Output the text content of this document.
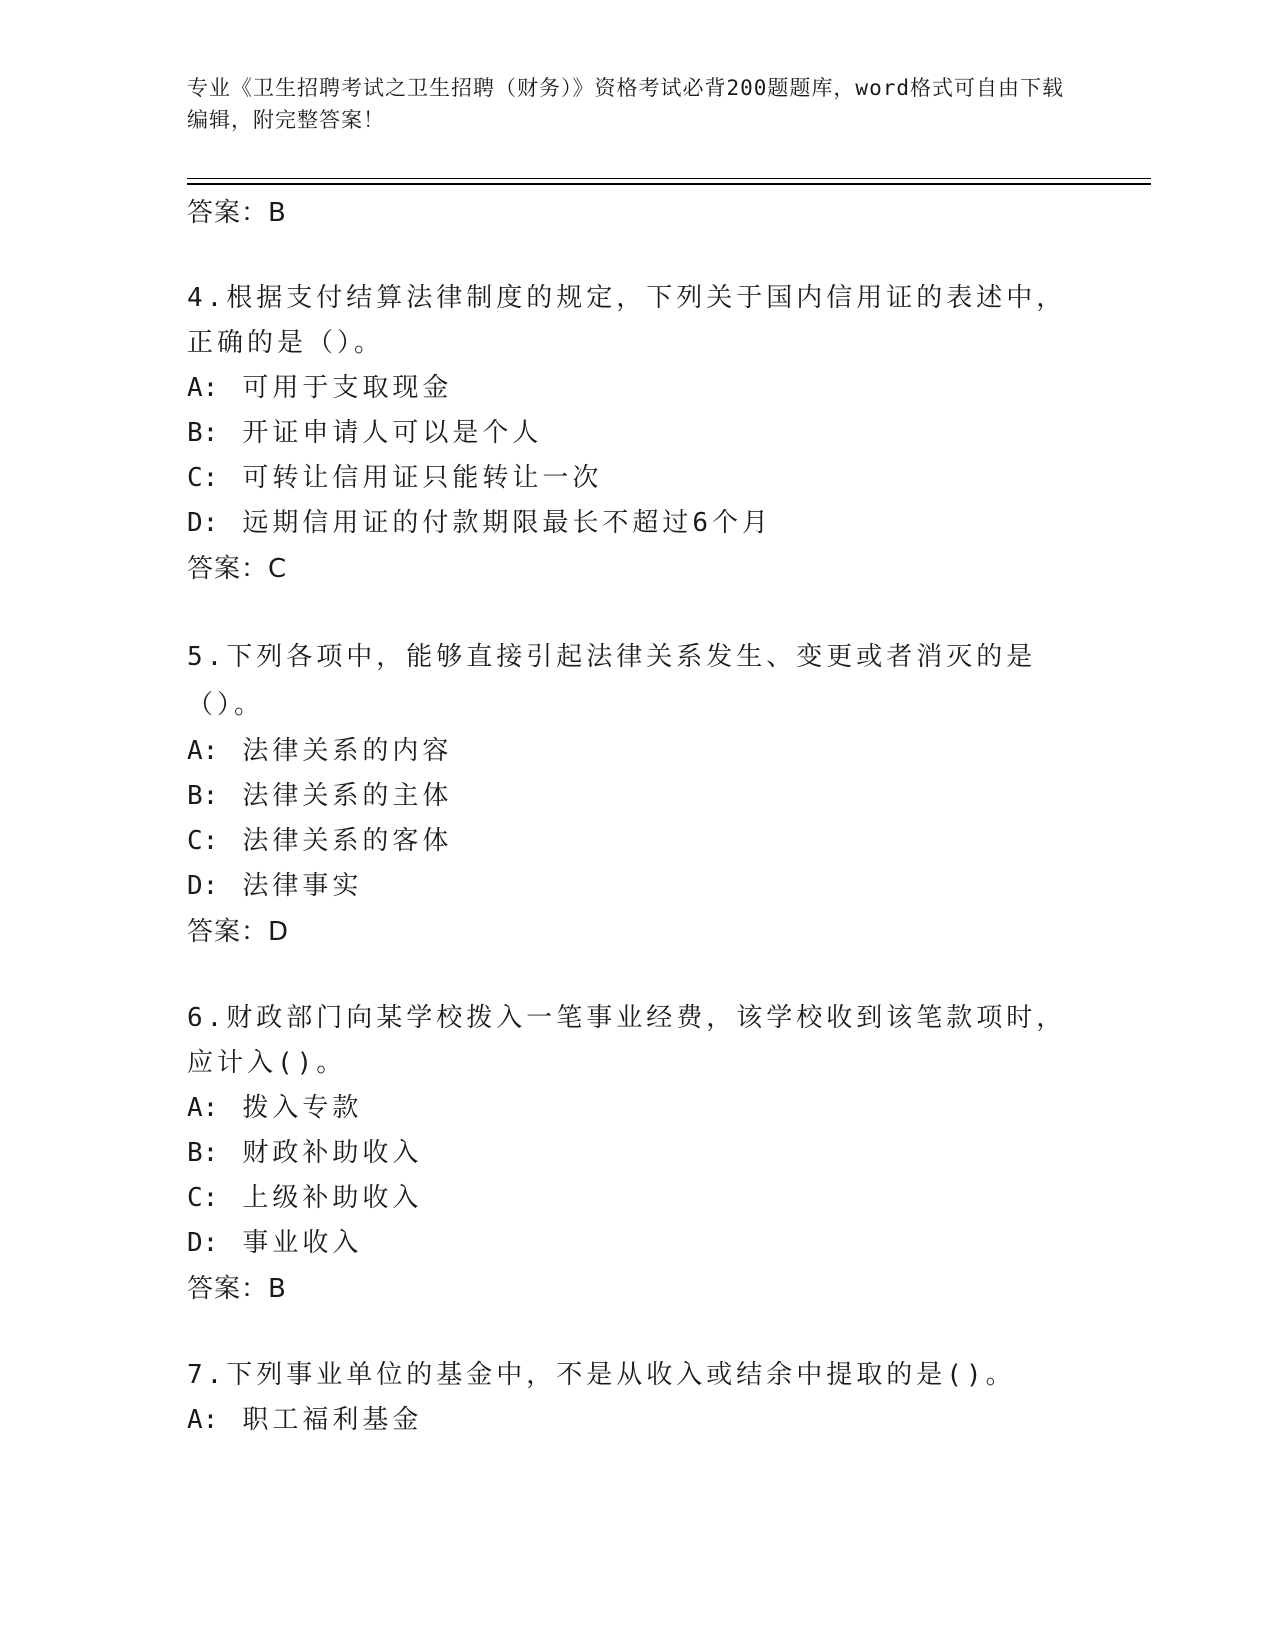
专业《卫生招聘考试之卫生招聘（财务）》资格考试必背200题题库，word格式可自由下载编辑，附完整答案！
答案：B
4.根据支付结算法律制度的规定，下列关于国内信用证的表述中，正确的是（）。
A: 可用于支取现金
B: 开证申请人可以是个人
C: 可转让信用证只能转让一次
D: 远期信用证的付款期限最长不超过6个月
答案：C
5.下列各项中，能够直接引起法律关系发生、变更或者消灭的是（）。
A: 法律关系的内容
B: 法律关系的主体
C: 法律关系的客体
D: 法律事实
答案：D
6.财政部门向某学校拨入一笔事业经费，该学校收到该笔款项时，应计入()。
A: 拨入专款
B: 财政补助收入
C: 上级补助收入
D: 事业收入
答案：B
7.下列事业单位的基金中，不是从收入或结余中提取的是()。
A: 职工福利基金
